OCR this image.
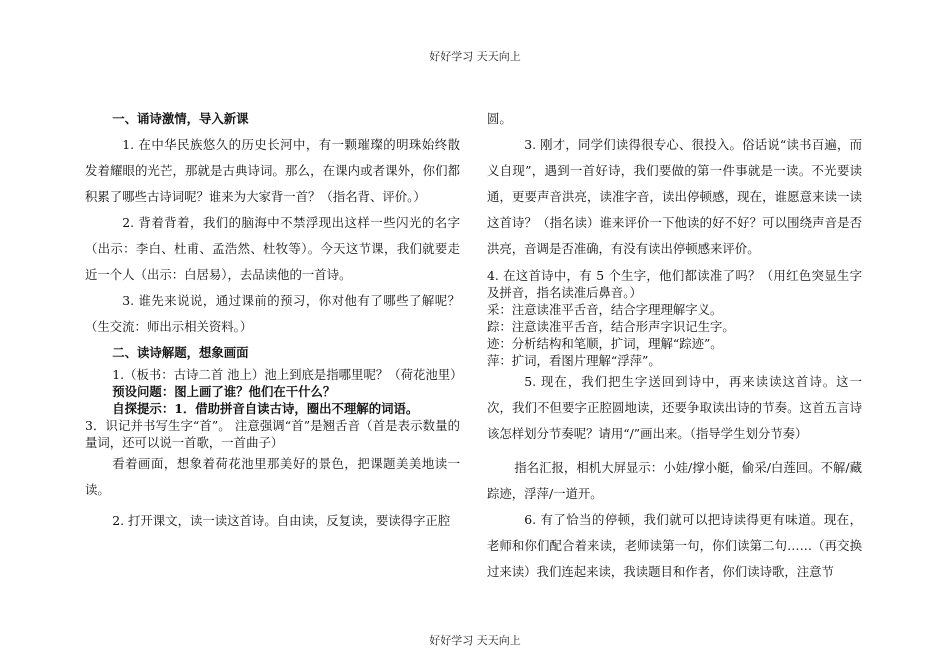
好好学习 天天向上

一、诵诗激情，导入新课

1. 在中华民族悠久的历史长河中，有一颗璀璨的明珠始终散发着耀眼的光芒，那就是古典诗词。那么，在课内或者课外，你们都积累了哪些古诗词呢？谁来为大家背一首？（指名背、评价。）

2. 背着背着，我们的脑海中不禁浮现出这样一些闪光的名字（出示：李白、杜甫、孟浩然、杜牧等）。今天这节课，我们就要走近一个人（出示：白居易），去品读他的一首诗。

3. 谁先来说说，通过课前的预习，你对他有了哪些了解呢？（生交流：师出示相关资料。）

二、读诗解题，想象画面

1.（板书：古诗二首 池上）池上到底是指哪里呢？（荷花池里）

预设问题：图上画了谁？他们在干什么？

自探提示：1．借助拼音自读古诗，圈出不理解的词语。

3．识记并书写生字“首”。 注意强调“首”是翘舌音（首是表示数量的量词，还可以说一首歌，一首曲子）

看着画面，想象着荷花池里那美好的景色，把课题美美地读一读。

2. 打开课文，读一读这首诗。自由读，反复读，要读得字正腔

圆。

3. 刚才，同学们读得很专心、很投入。俗话说“读书百遍，而义自现”，遇到一首好诗，我们要做的第一件事就是一读。不光要读通，更要声音洪亮，读准字音，读出停顿感，现在，谁愿意来读一读这首诗？（指名读）谁来评价一下他读的好不好？可以围绕声音是否洪亮，音调是否准确，有没有读出停顿感来评价。

4. 在这首诗中，有 5 个生字，他们都读准了吗？（用红色突显生字及拼音，指名读准后鼻音。）

采：注意读准平舌音，结合字理理解字义。

踪：注意读准平舌音，结合形声字识记生字。

迹：分析结构和笔顺，扩词，理解“踪迹”。

萍：扩词，看图片理解“浮萍”。

5. 现在，我们把生字送回到诗中，再来读读这首诗。这一次，我们不但要字正腔圆地读，还要争取读出诗的节奏。这首五言诗该怎样划分节奏呢？请用“/”画出来。（指导学生划分节奏）

指名汇报，相机大屏显示：小娃/撑小艇，偷采/白莲回。不解/藏踪迹，浮萍/一道开。

6. 有了恰当的停顿，我们就可以把诗读得更有味道。现在，老师和你们配合着来读，老师读第一句，你们读第二句……（再交换过来读）我们连起来读，我读题目和作者，你们读诗歌，注意节

好好学习 天天向上
